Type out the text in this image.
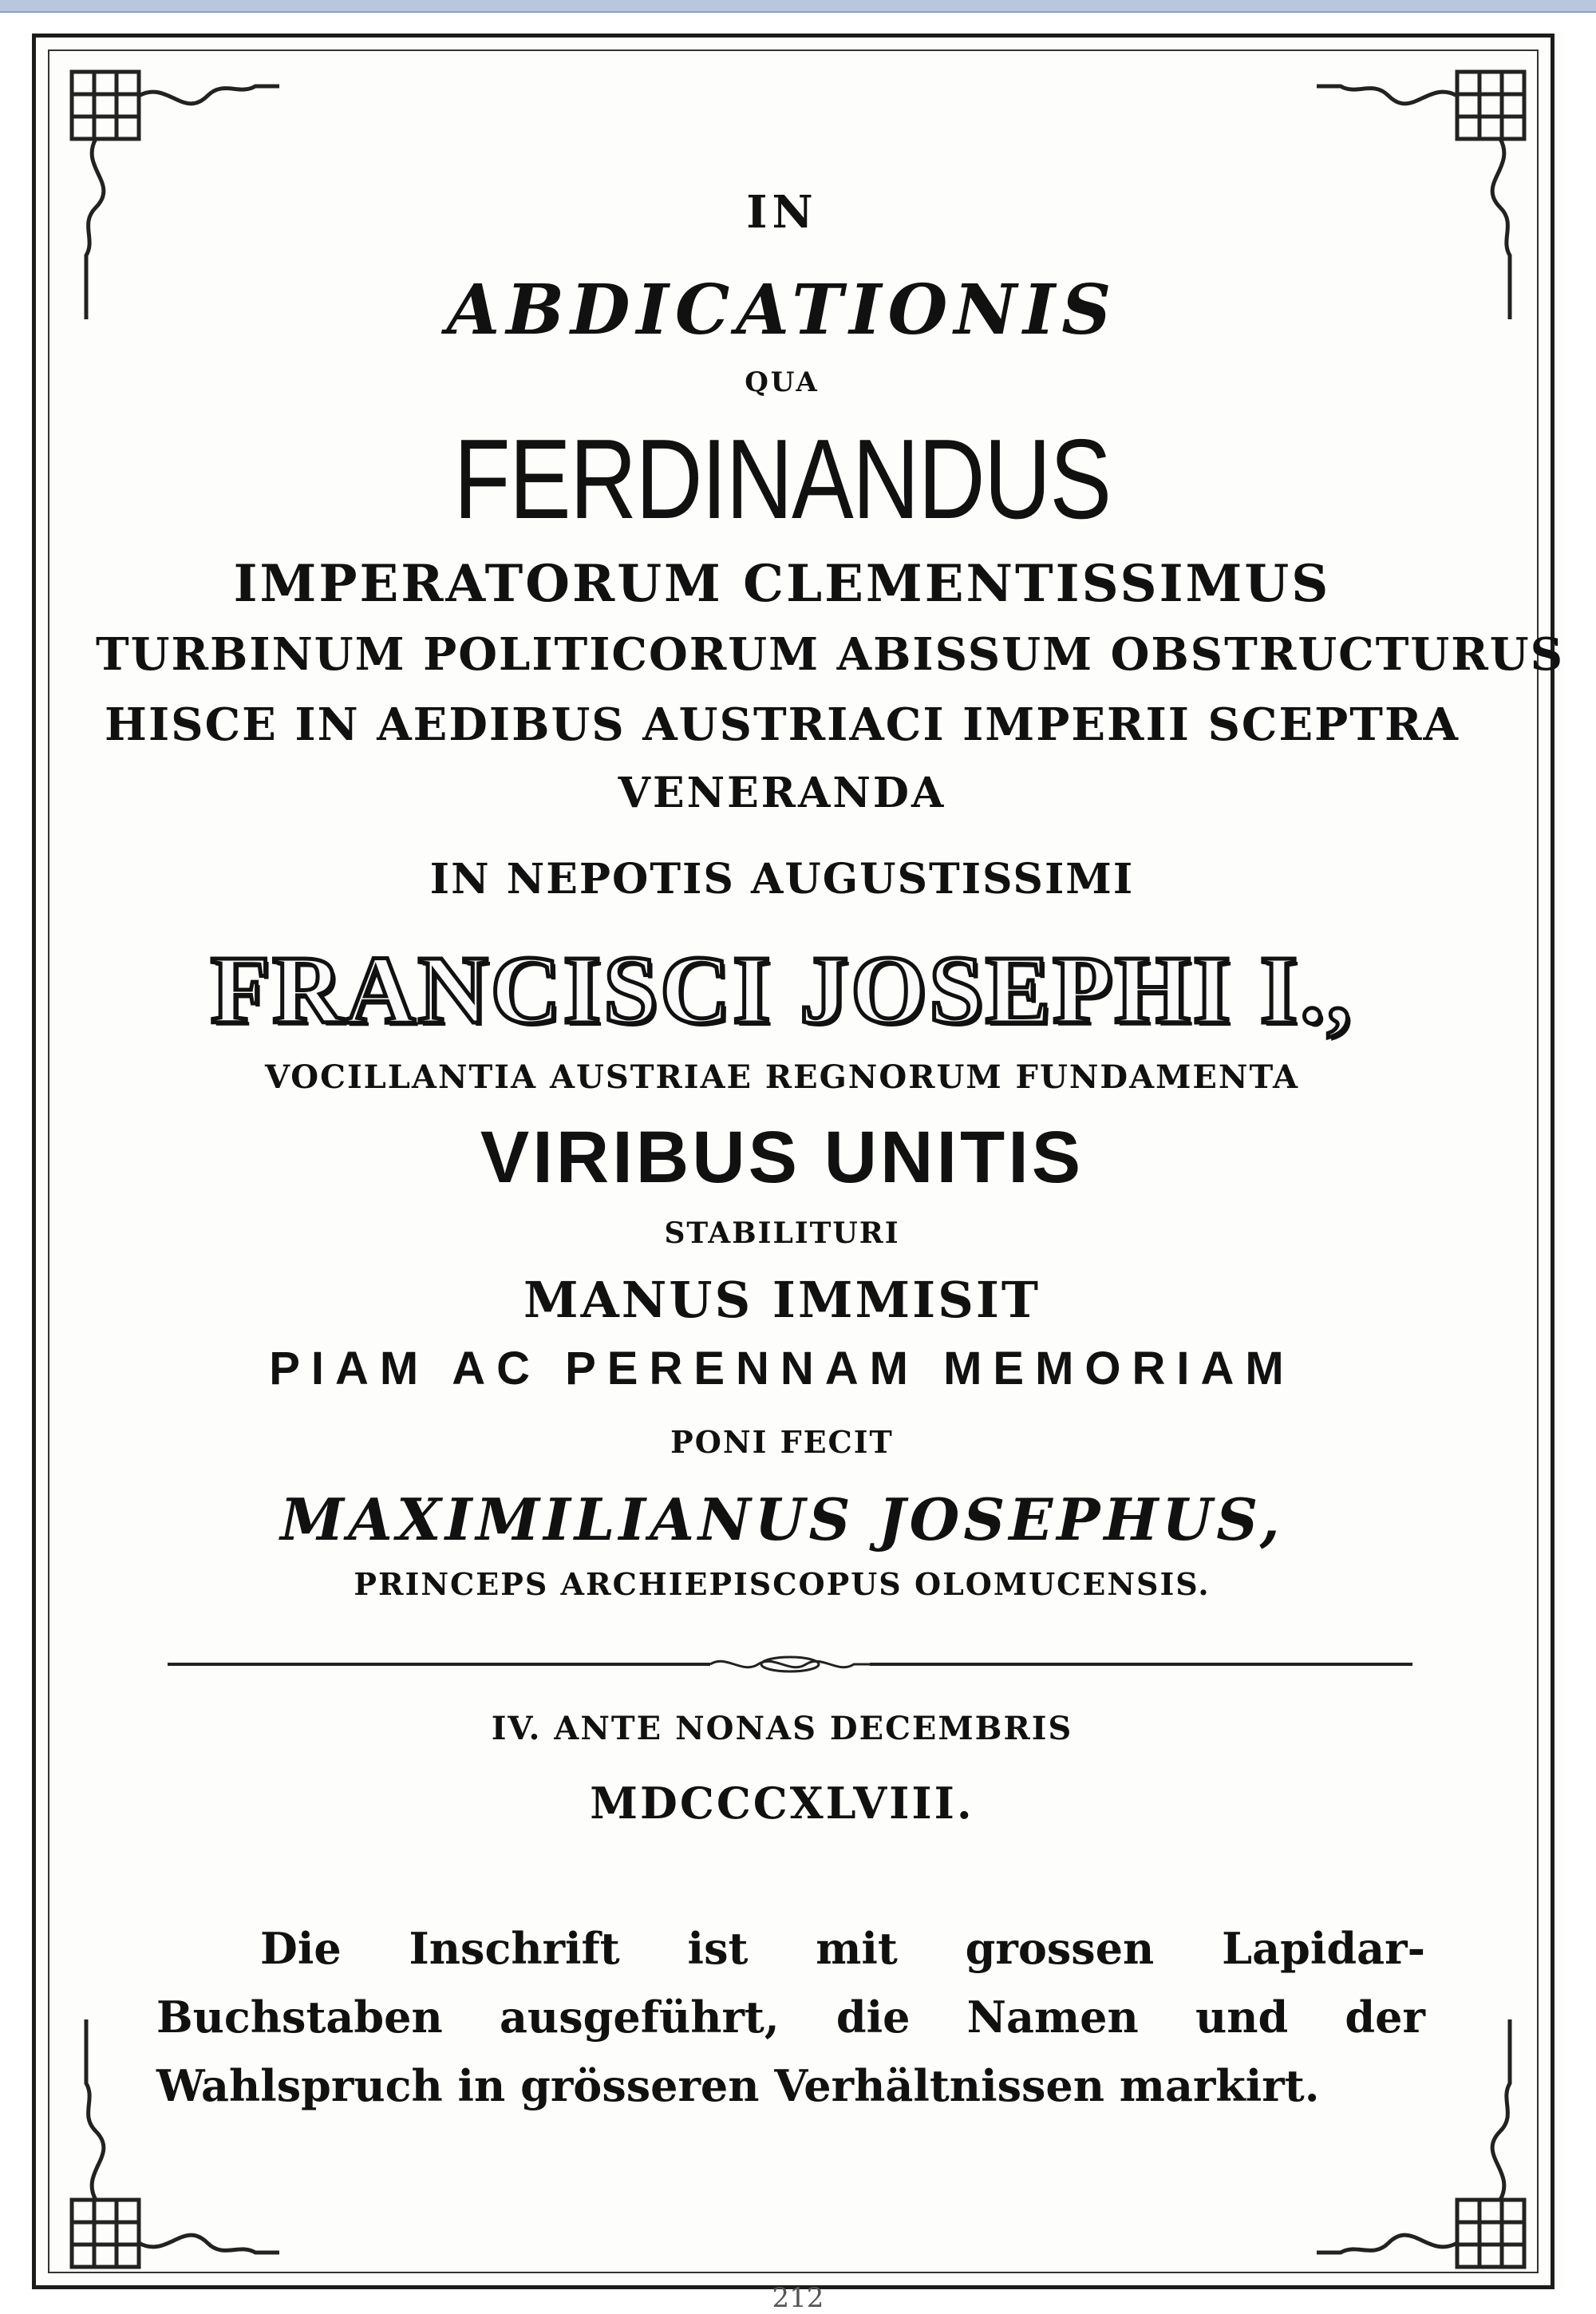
IN
ABDICATIONIS
QUA
FERDINANDUS
IMPERATORUM CLEMENTISSIMUS
TURBINUM POLITICORUM ABISSUM OBSTRUCTURUS
HISCE IN AEDIBUS AUSTRIACI IMPERII SCEPTRA
VENERANDA
IN NEPOTIS AUGUSTISSIMI
FRANCISCI JOSEPHI I.,
VOCILLANTIA AUSTRIAE REGNORUM FUNDAMENTA
VIRIBUS UNITIS
STABILITURI
MANUS IMMISIT
PIAM AC PERENNAM MEMORIAM
PONI FECIT
MAXIMILIANUS JOSEPHUS,
PRINCEPS ARCHIEPISCOPUS OLOMUCENSIS.
IV. ANTE NONAS DECEMBRIS
MDCCCXLVIII.
Die Inschrift ist mit grossen Lapidar-Buchstaben ausgeführt, die Namen und der Wahlspruch in grösseren Verhältnissen markirt.
212
